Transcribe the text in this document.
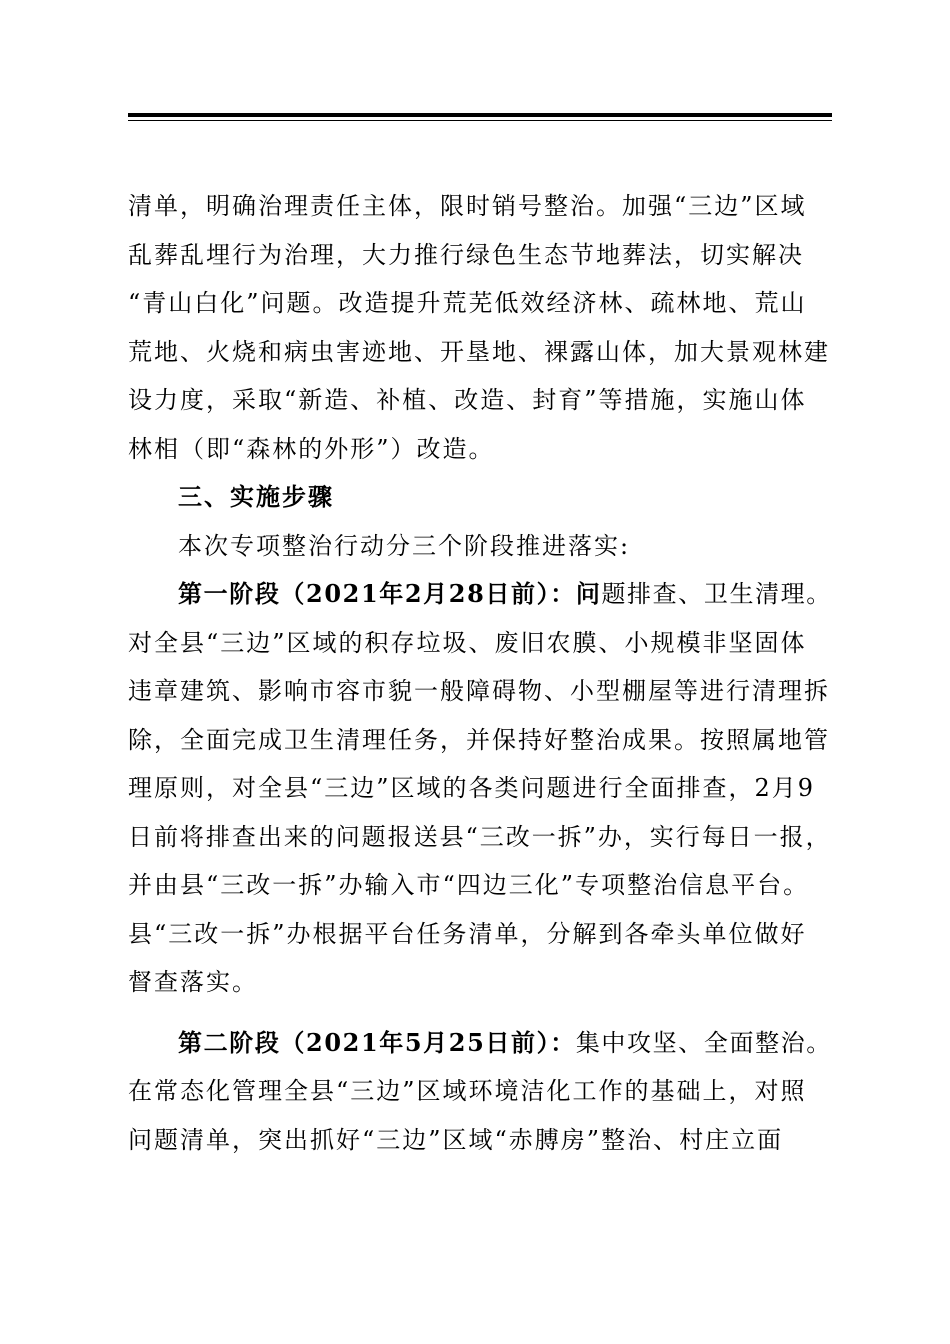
清单，明确治理责任主体，限时销号整治。加强“三边”区域
乱葬乱埋行为治理，大力推行绿色生态节地葬法，切实解决
“青山白化”问题。改造提升荒芜低效经济林、疏林地、荒山
荒地、火烧和病虫害迹地、开垦地、裸露山体，加大景观林建
设力度，采取“新造、补植、改造、封育”等措施，实施山体
林相（即“森林的外形”）改造。
三、实施步骤
本次专项整治行动分三个阶段推进落实:
第一阶段（2021年2月28日前）：问题排查、卫生清理。
对全县“三边”区域的积存垃圾、废旧农膜、小规模非坚固体
违章建筑、影响市容市貌一般障碍物、小型棚屋等进行清理拆
除，全面完成卫生清理任务，并保持好整治成果。按照属地管
理原则，对全县“三边”区域的各类问题进行全面排查，2月9
日前将排查出来的问题报送县“三改一拆”办，实行每日一报，
并由县“三改一拆”办输入市“四边三化”专项整治信息平台。
县“三改一拆”办根据平台任务清单，分解到各牵头单位做好
督查落实。
第二阶段（2021年5月25日前）：集中攻坚、全面整治。
在常态化管理全县“三边”区域环境洁化工作的基础上，对照
问题清单，突出抓好“三边”区域“赤膊房”整治、村庄立面
